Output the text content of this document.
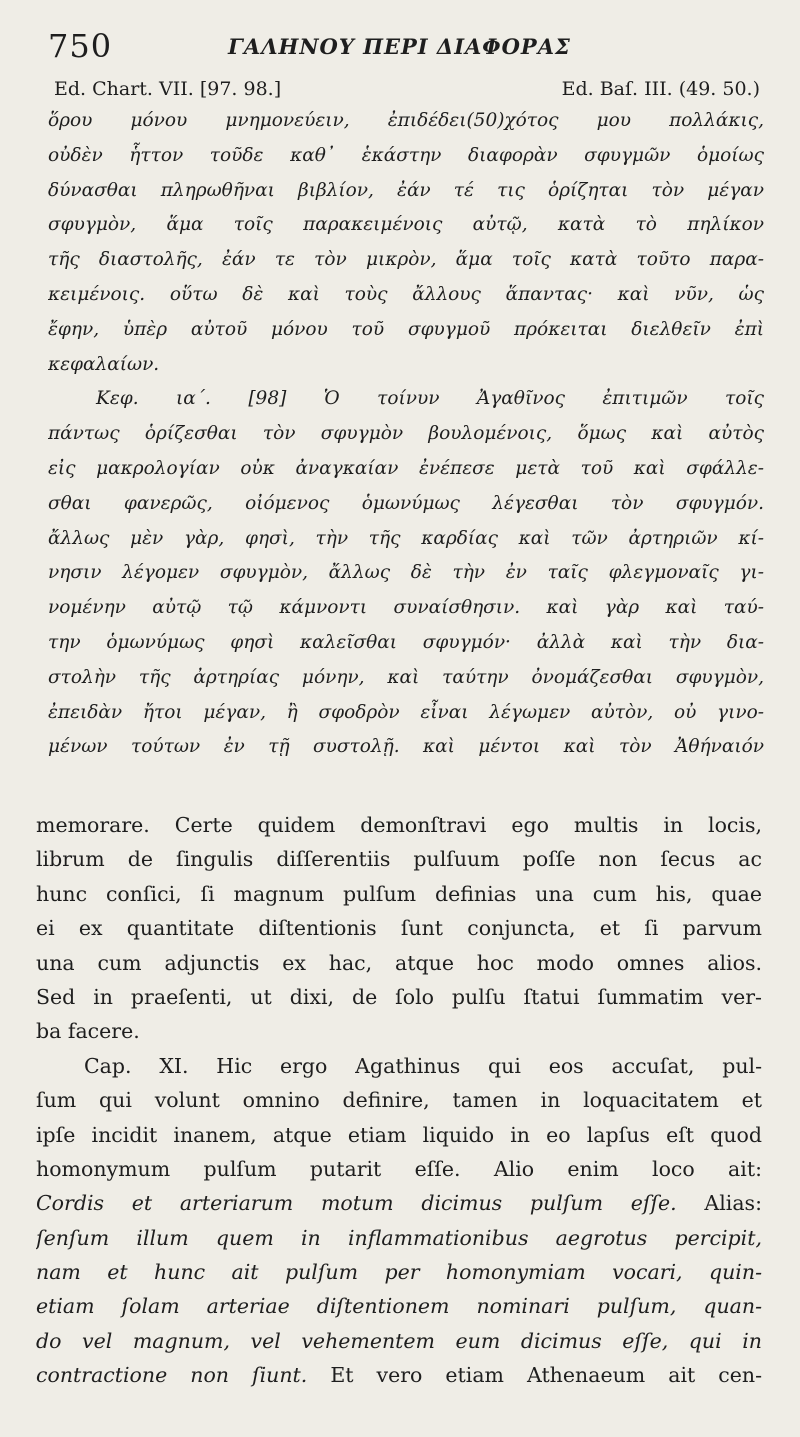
750	ΓΑΛΗΝΟΥ ΠΕΡΙ ΔΙΑΦΟΡΑΣ
Ed. Chart. VII. [97. 98.]	Ed. Baſ. III. (49. 50.)
ὅρου μόνου μνημονεύειν, ἐπιδέδει(50)χότος μου πολλάκις,
οὐδὲν ἧττον τοῦδε καθ᾽ ἑκάστην διαφορὰν σφυγμῶν ὁμοίως
δύνασθαι πληρωθῆναι βιβλίον, ἐάν τέ τις ὁρίζηται τὸν μέγαν
σφυγμὸν, ἅμα τοῖς παρακειμένοις αὐτῷ, κατὰ τὸ πηλίκον
τῆς διαστολῆς, ἐάν τε τὸν μικρὸν, ἅμα τοῖς κατὰ τοῦτο παρα-
κειμένοις. οὕτω δὲ καὶ τοὺς ἄλλους ἅπαντας· καὶ νῦν, ὡς
ἔφην, ὑπὲρ αὐτοῦ μόνου τοῦ σφυγμοῦ πρόκειται διελθεῖν ἐπὶ
κεφαλαίων.
Κεφ. ια΄. [98] Ὁ τοίνυν Ἀγαθῖνος ἐπιτιμῶν τοῖς
πάντως ὁρίζεσθαι τὸν σφυγμὸν βουλομένοις, ὅμως καὶ αὐτὸς
εἰς μακρολογίαν οὐκ ἀναγκαίαν ἐνέπεσε μετὰ τοῦ καὶ σφάλλε-
σθαι φανερῶς, οἰόμενος ὁμωνύμως λέγεσθαι τὸν σφυγμόν.
ἄλλως μὲν γὰρ, φησὶ, τὴν τῆς καρδίας καὶ τῶν ἀρτηριῶν κί-
νησιν λέγομεν σφυγμὸν, ἄλλως δὲ τὴν ἐν ταῖς φλεγμοναῖς γι-
νομένην αὐτῷ τῷ κάμνοντι συναίσθησιν. καὶ γὰρ καὶ ταύ-
την ὁμωνύμως φησὶ καλεῖσθαι σφυγμόν· ἀλλὰ καὶ τὴν δια-
στολὴν τῆς ἀρτηρίας μόνην, καὶ ταύτην ὀνομάζεσθαι σφυγμὸν,
ἐπειδὰν ἤτοι μέγαν, ἢ σφοδρὸν εἶναι λέγωμεν αὐτὸν, οὐ γινο-
μένων τούτων ἐν τῇ συστολῇ. καὶ μέντοι καὶ τὸν Ἀθήναιόν
memorare. Certe quidem demonſtravi ego multis in locis,
librum de ſingulis diſſerentiis pulſuum poſſe non ſecus ac
hunc conſici, ſi magnum pulſum definias una cum his, quae
ei ex quantitate diſtentionis ſunt conjuncta, et ſi parvum
una cum adjunctis ex hac, atque hoc modo omnes alios.
Sed in praeſenti, ut dixi, de ſolo pulſu ſtatui ſummatim ver-
ba facere.
Cap. XI. Hic ergo Agathinus qui eos accuſat, pul-
ſum qui volunt omnino definire, tamen in loquacitatem et
ipſe incidit inanem, atque etiam liquido in eo lapſus eſt quod
homonymum pulſum putarit eſſe. Alio enim loco ait:
Cordis et arteriarum motum dicimus pulſum eſſe. Alias:
ſenſum illum quem in inflammationibus aegrotus percipit,
nam et hunc ait pulſum per homonymiam vocari, quin-
etiam ſolam arteriae diſtentionem nominari pulſum, quan-
do vel magnum, vel vehementem eum dicimus eſſe, qui in
contractione non ſiunt. Et vero etiam Athenaeum ait cen-
